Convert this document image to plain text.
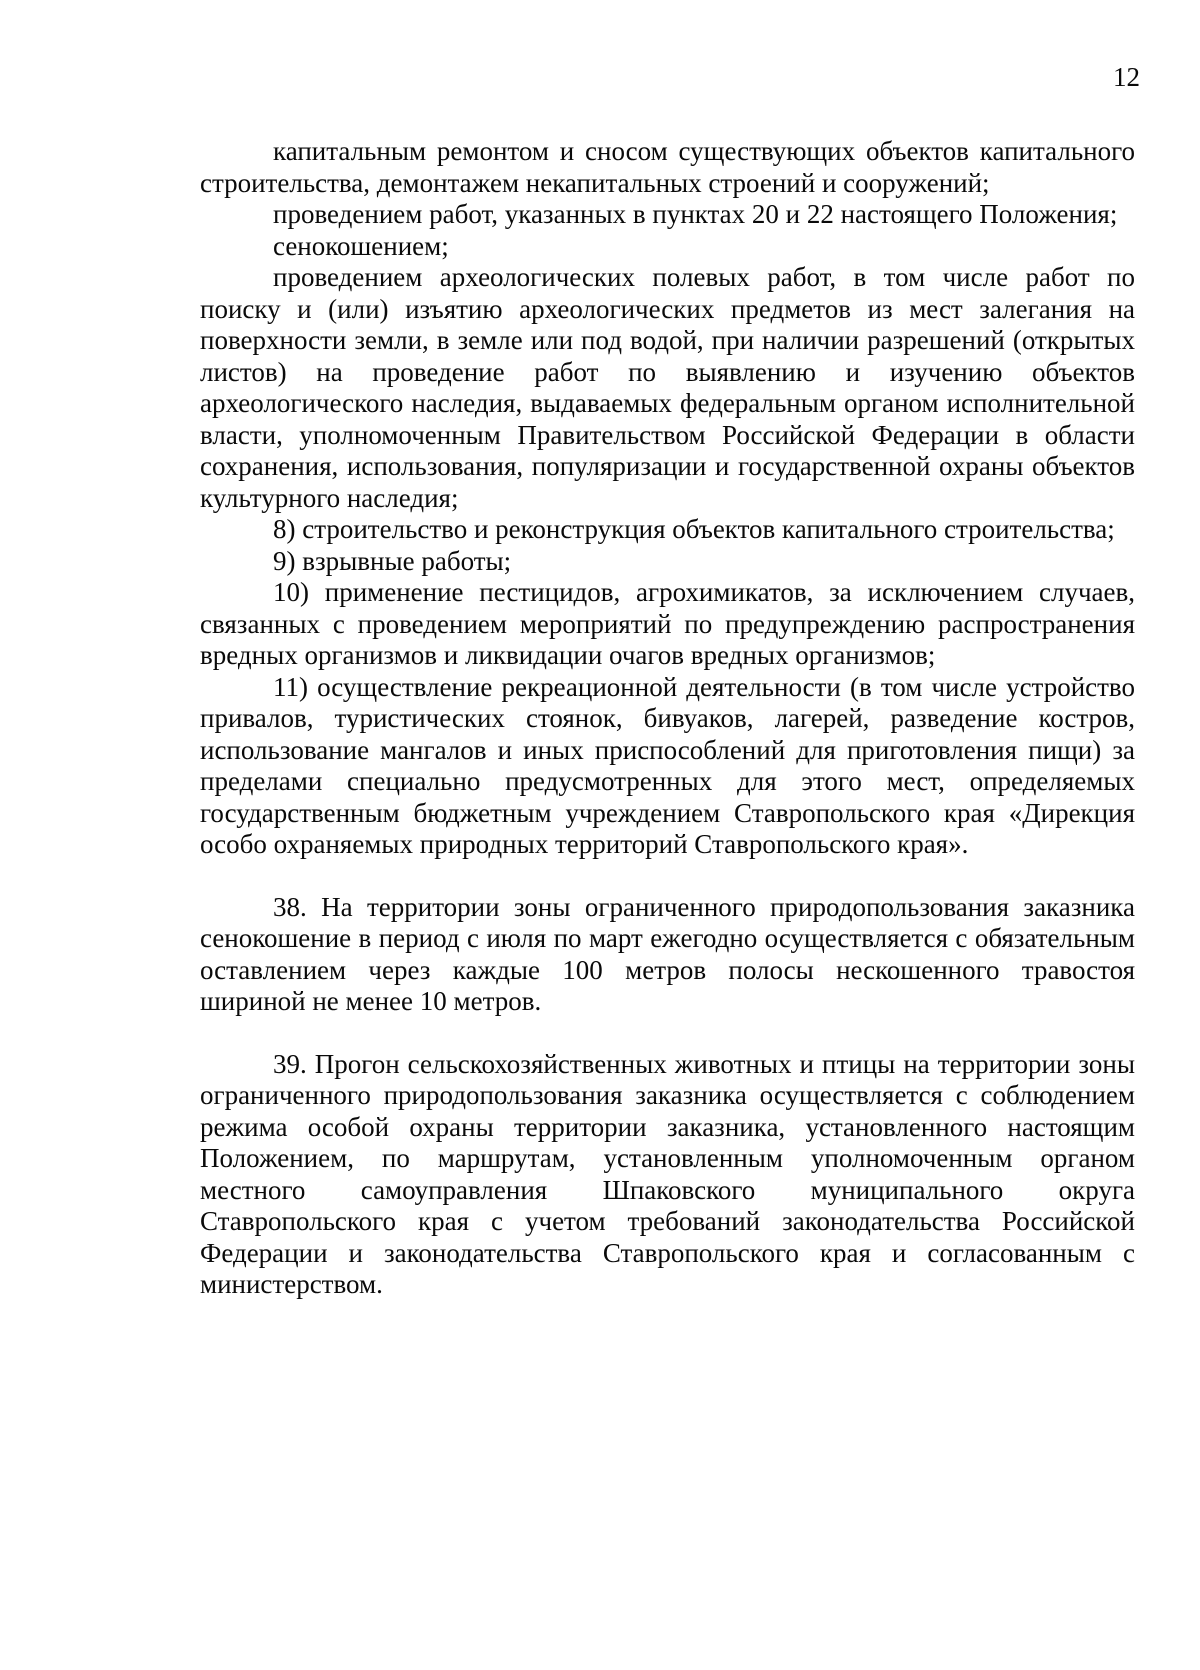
12

капитальным ремонтом и сносом существующих объектов капитального строительства, демонтажем некапитальных строений и сооружений;

проведением работ, указанных в пунктах 20 и 22 настоящего Положения;

сенокошением;

проведением археологических полевых работ, в том числе работ по поиску и (или) изъятию археологических предметов из мест залегания на поверхности земли, в земле или под водой, при наличии разрешений (открытых листов) на проведение работ по выявлению и изучению объектов археологического наследия, выдаваемых федеральным органом исполнительной власти, уполномоченным Правительством Российской Федерации в области сохранения, использования, популяризации и государственной охраны объектов культурного наследия;

8) строительство и реконструкция объектов капитального строительства;

9) взрывные работы;

10) применение пестицидов, агрохимикатов, за исключением случаев, связанных с проведением мероприятий по предупреждению распространения вредных организмов и ликвидации очагов вредных организмов;

11) осуществление рекреационной деятельности (в том числе устройство привалов, туристических стоянок, бивуаков, лагерей, разведение костров, использование мангалов и иных приспособлений для приготовления пищи) за пределами специально предусмотренных для этого мест, определяемых государственным бюджетным учреждением Ставропольского края «Дирекция особо охраняемых природных территорий Ставропольского края».

38. На территории зоны ограниченного природопользования заказника сенокошение в период с июля по март ежегодно осуществляется с обязательным оставлением через каждые 100 метров полосы нескошенного травостоя шириной не менее 10 метров.

39. Прогон сельскохозяйственных животных и птицы на территории зоны ограниченного природопользования заказника осуществляется с соблюдением режима особой охраны территории заказника, установленного настоящим Положением, по маршрутам, установленным уполномоченным органом местного самоуправления Шпаковского муниципального округа Ставропольского края с учетом требований законодательства Российской Федерации и законодательства Ставропольского края и согласованным с министерством.
